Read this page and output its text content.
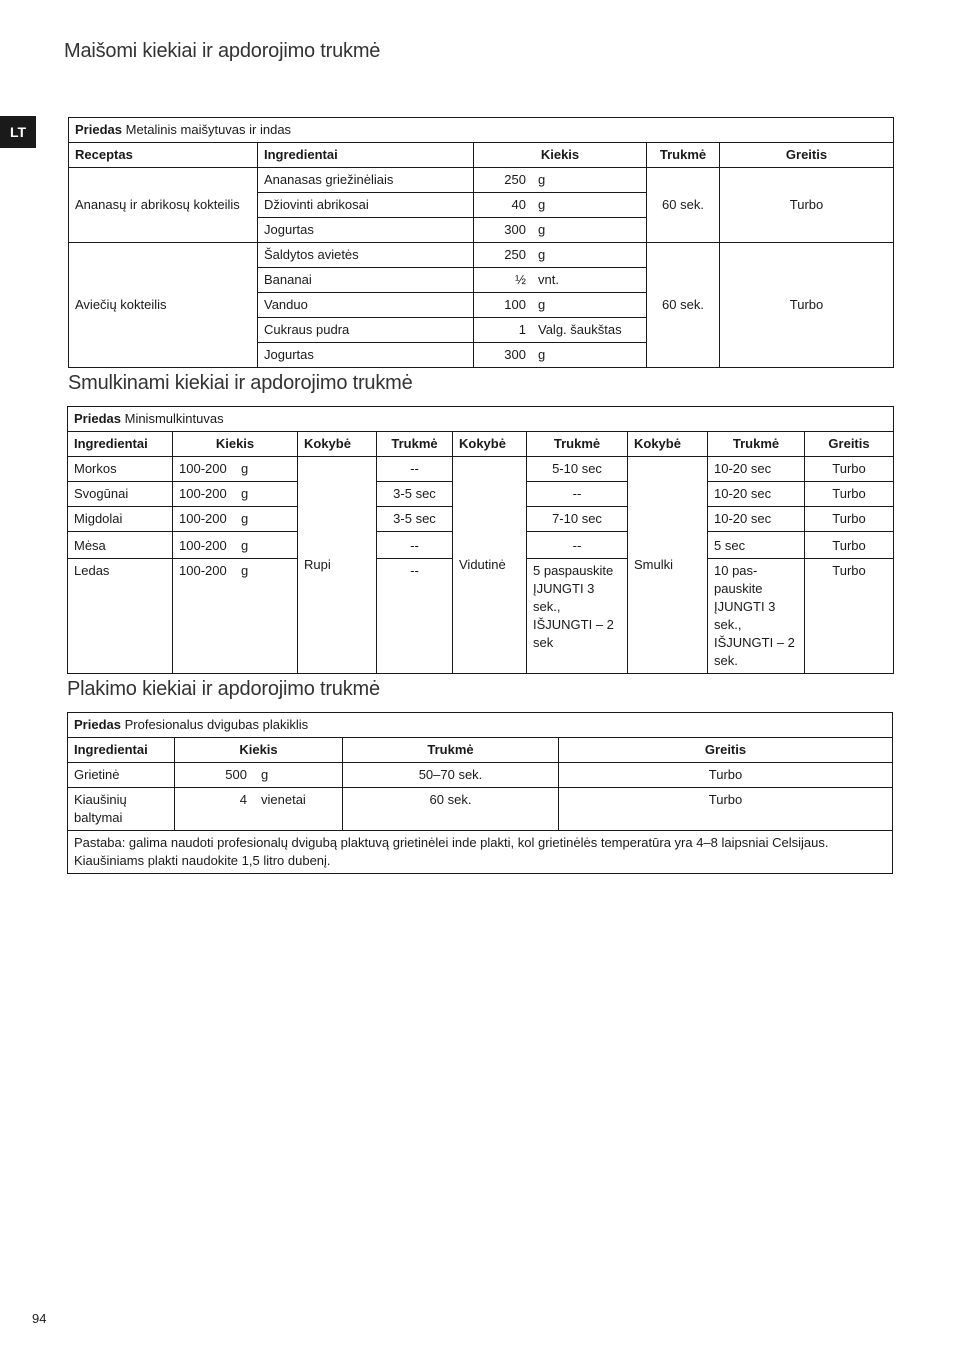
LT
Maišomi kiekiai ir apdorojimo trukmė
Priedas Metalinis maišytuvas ir indas				
Receptas	Ingredientai	Kiekis	Trukmė	Greitis
Ananasų ir abrikosų kokteilis	Ananasas griežinėliais	250 g	60 sek.	Turbo
	Džiovinti abrikosai	40 g		
	Jogurtas	300 g		
Aviečių kokteilis	Šaldytos avietės	250 g	60 sek.	Turbo
	Bananai	½ vnt.		
	Vanduo	100 g		
	Cukraus pudra	1 Valg. šaukštas		
	Jogurtas	300 g		
Smulkinami kiekiai ir apdorojimo trukmė
Priedas Minismulkintuvas								
Ingredientai	Kiekis	Kokybė	Trukmė	Kokybė	Trukmė	Kokybė	Trukmė	Greitis
Morkos	100-200 g	Rupi	--	Vidutinė	5-10 sec	Smulki	10-20 sec	Turbo
Svogūnai	100-200 g		3-5 sec		--		10-20 sec	Turbo
Migdolai	100-200 g		3-5 sec		7-10 sec		10-20 sec	Turbo
Mėsa	100-200 g		--		--		5 sec	Turbo
Ledas	100-200 g		--		5 paspauskite ĮJUNGTI 3 sek., IŠJUNGTI – 2 sek		10 pas-pauskite ĮJUNGTI 3 sek., IŠJUNGTI – 2 sek.	Turbo
Plakimo kiekiai ir apdorojimo trukmė
Priedas Profesionalus dvigubas plakiklis			
Ingredientai	Kiekis	Trukmė	Greitis
Grietinė	500 g	50–70 sek.	Turbo
Kiaušinių baltymai	4 vienetai	60 sek.	Turbo
Pastaba: galima naudoti profesionalų dvigubą plaktuvą grietinėlei inde plakti, kol grietinėlės temperatūra yra 4–8 laipsniai Celsijaus. Kiaušiniams plakti naudokite 1,5 litro dubenį.			
94
